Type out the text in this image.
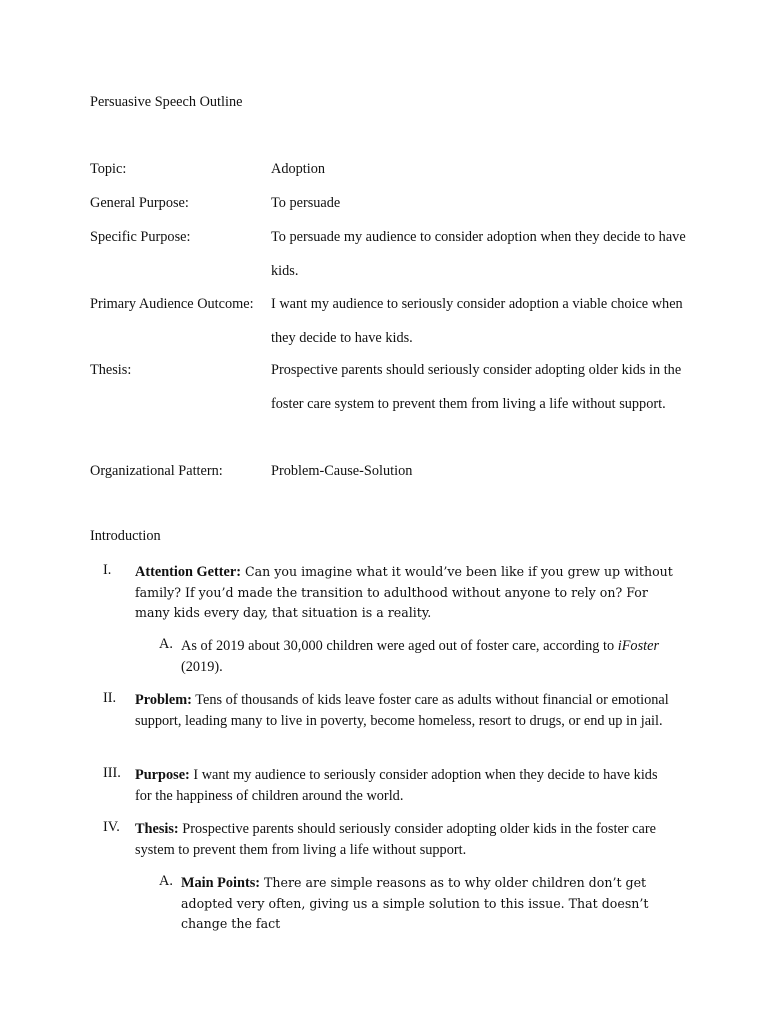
Persuasive Speech Outline
Topic:	Adoption
General Purpose:	To persuade
Specific Purpose:	To persuade my audience to consider adoption when they decide to have kids.
Primary Audience Outcome: I want my audience to seriously consider adoption a viable choice when they decide to have kids.
Thesis:	Prospective parents should seriously consider adopting older kids in the foster care system to prevent them from living a life without support.
Organizational Pattern:	Problem-Cause-Solution
Introduction
I. Attention Getter: Can you imagine what it would’ve been like if you grew up without family? If you’d made the transition to adulthood without anyone to rely on? For many kids every day, that situation is a reality.
A. As of 2019 about 30,000 children were aged out of foster care, according to iFoster (2019).
II. Problem: Tens of thousands of kids leave foster care as adults without financial or emotional support, leading many to live in poverty, become homeless, resort to drugs, or end up in jail.
III. Purpose: I want my audience to seriously consider adoption when they decide to have kids for the happiness of children around the world.
IV. Thesis: Prospective parents should seriously consider adopting older kids in the foster care system to prevent them from living a life without support.
A. Main Points: There are simple reasons as to why older children don’t get adopted very often, giving us a simple solution to this issue. That doesn’t change the fact
